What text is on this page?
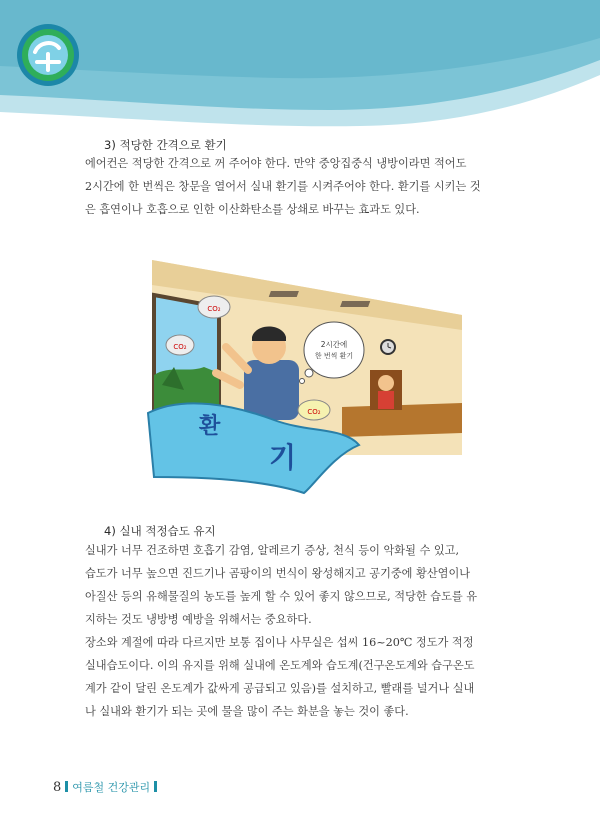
3) 적당한 간격으로 환기
에어컨은 적당한 간격으로 꺼 주어야 한다. 만약 중앙집중식 냉방이라면 적어도
2시간에 한 번씩은 창문을 열어서 실내 환기를 시켜주어야 한다. 환기를 시키는 것
은 흡연이나 호흡으로 인한 이산화탄소를 상쇄로 바꾸는 효과도 있다.
2시간에
한 번씩 환기
CO₂
CO₂
CO₂
환
기
4) 실내 적정습도 유지
실내가 너무 건조하면 호흡기 감염, 알레르기 증상, 천식 등이 악화될 수 있고,
습도가 너무 높으면 진드기나 곰팡이의 번식이 왕성해지고 공기중에 황산염이나
아질산 등의 유해물질의 농도를 높게 할 수 있어 좋지 않으므로, 적당한 습도를 유
지하는 것도 냉방병 예방을 위해서는 중요하다.
장소와 계절에 따라 다르지만 보통 집이나 사무실은 섭씨 16~20℃ 정도가 적정
실내습도이다. 이의 유지를 위해 실내에 온도계와 습도계(건구온도계와 습구온도
계가 같이 달린 온도계가 값싸게 공급되고 있음)를 설치하고, 빨래를 널거나 실내
나 실내와 환기가 되는 곳에 물을 많이 주는 화분을 놓는 것이 좋다.
8 여름철 건강관리
